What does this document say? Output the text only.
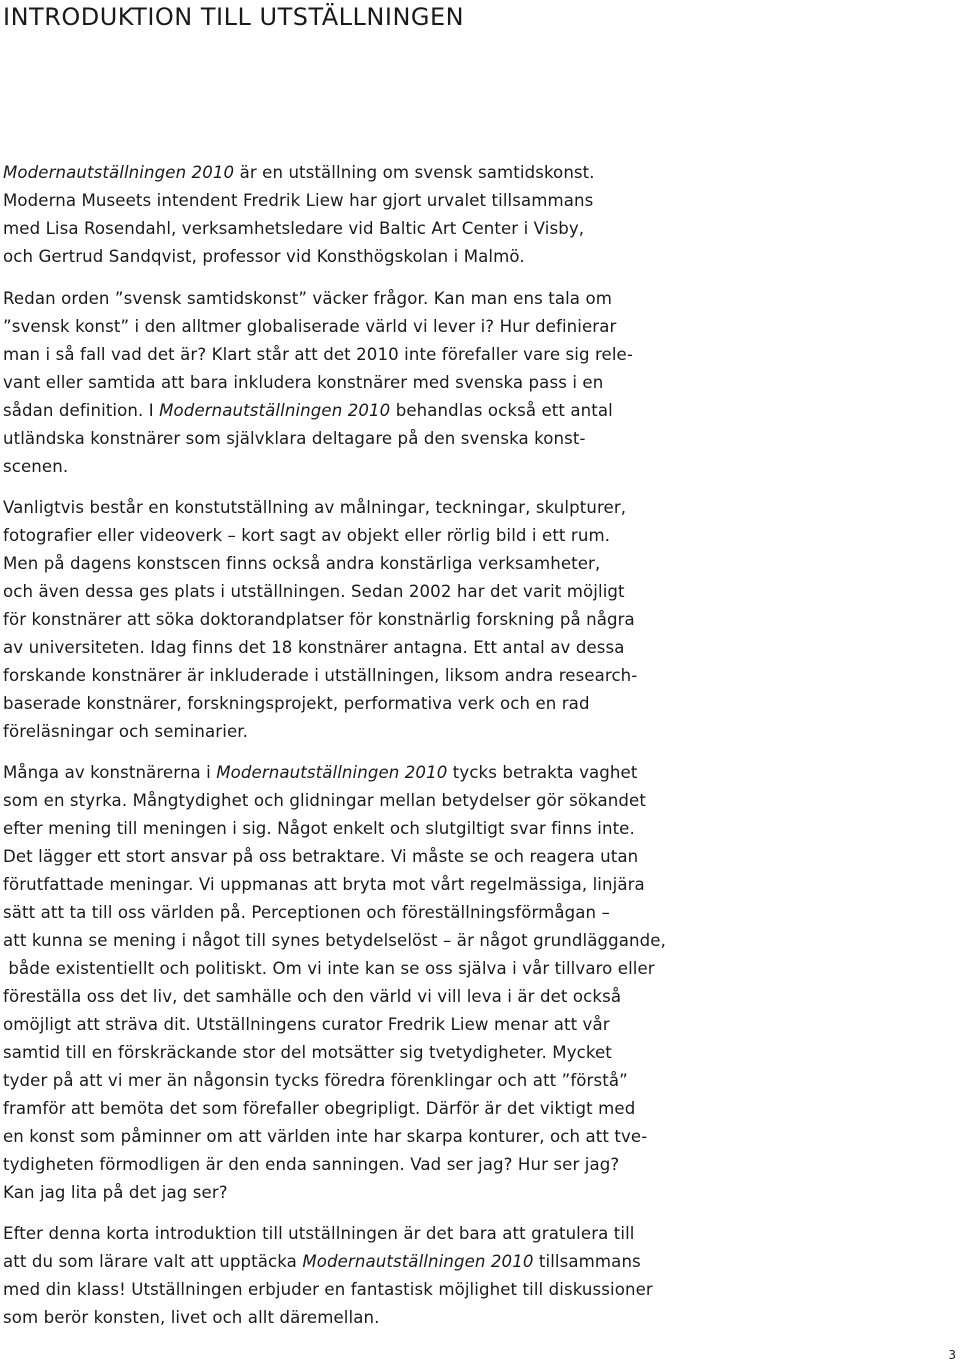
INTRODUKTION TILL UTSTÄLLNINGEN

Modernautställningen 2010 är en utställning om svensk samtidskonst.
Moderna Museets intendent Fredrik Liew har gjort urvalet tillsammans
med Lisa Rosendahl, verksamhetsledare vid Baltic Art Center i Visby,
och Gertrud Sandqvist, professor vid Konsthögskolan i Malmö.

Redan orden ”svensk samtidskonst” väcker frågor. Kan man ens tala om
”svensk konst” i den alltmer globaliserade värld vi lever i? Hur definierar
man i så fall vad det är? Klart står att det 2010 inte förefaller vare sig rele-
vant eller samtida att bara inkludera konstnärer med svenska pass i en
sådan definition. I Modernautställningen 2010 behandlas också ett antal
utländska konstnärer som självklara deltagare på den svenska konst-
scenen.

Vanligtvis består en konstutställning av målningar, teckningar, skulpturer,
fotografier eller videoverk – kort sagt av objekt eller rörlig bild i ett rum.
Men på dagens konstscen finns också andra konstärliga verksamheter,
och även dessa ges plats i utställningen. Sedan 2002 har det varit möjligt
för konstnärer att söka doktorandplatser för konstnärlig forskning på några
av universiteten. Idag finns det 18 konstnärer antagna. Ett antal av dessa
forskande konstnärer är inkluderade i utställningen, liksom andra research-
baserade konstnärer, forskningsprojekt, performativa verk och en rad
föreläsningar och seminarier.

Många av konstnärerna i Modernautställningen 2010 tycks betrakta vaghet
som en styrka. Mångtydighet och glidningar mellan betydelser gör sökandet
efter mening till meningen i sig. Något enkelt och slutgiltigt svar finns inte.
Det lägger ett stort ansvar på oss betraktare. Vi måste se och reagera utan
förutfattade meningar. Vi uppmanas att bryta mot vårt regelmässiga, linjära
sätt att ta till oss världen på. Perceptionen och föreställningsförmågan –
att kunna se mening i något till synes betydelselöst – är något grundläggande,
både existentiellt och politiskt. Om vi inte kan se oss själva i vår tillvaro eller
föreställa oss det liv, det samhälle och den värld vi vill leva i är det också
omöjligt att sträva dit. Utställningens curator Fredrik Liew menar att vår
samtid till en förskräckande stor del motsätter sig tvetydigheter. Mycket
tyder på att vi mer än någonsin tycks föredra förenklingar och att ”förstå”
framför att bemöta det som förefaller obegripligt. Därför är det viktigt med
en konst som påminner om att världen inte har skarpa konturer, och att tve-
tydigheten förmodligen är den enda sanningen. Vad ser jag? Hur ser jag?
Kan jag lita på det jag ser?

Efter denna korta introduktion till utställningen är det bara att gratulera till
att du som lärare valt att upptäcka Modernautställningen 2010 tillsammans
med din klass! Utställningen erbjuder en fantastisk möjlighet till diskussioner
som berör konsten, livet och allt däremellan.

3
